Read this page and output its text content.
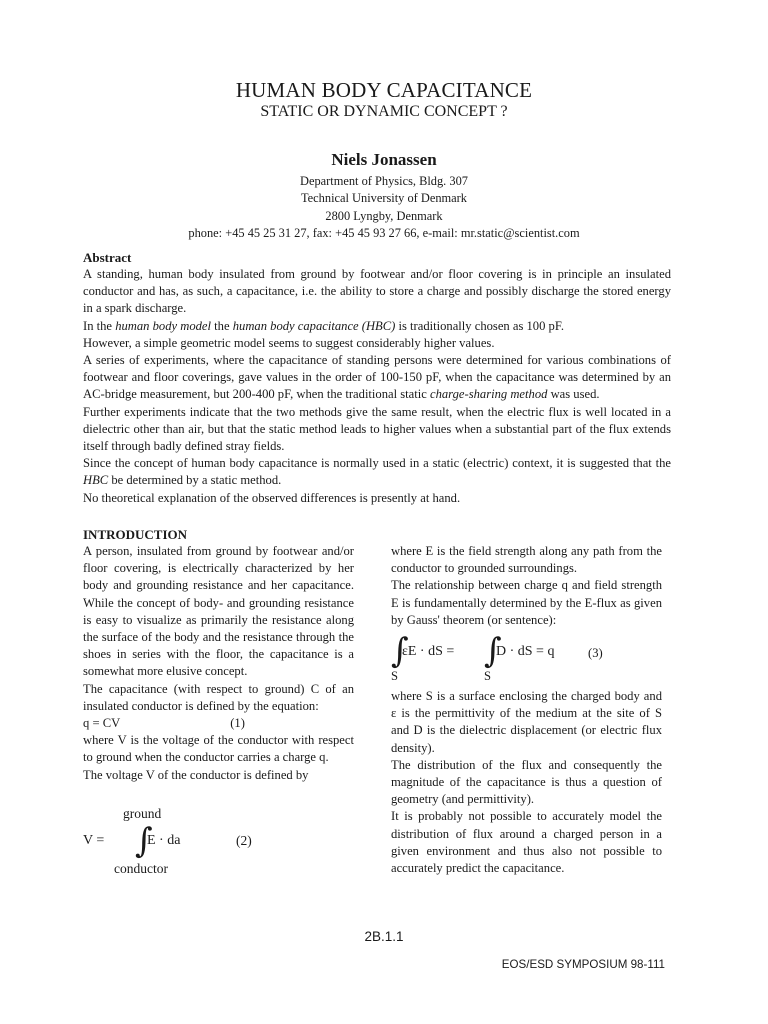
HUMAN BODY CAPACITANCE
STATIC OR DYNAMIC CONCEPT ?
Niels Jonassen
Department of Physics, Bldg. 307
Technical University of Denmark
2800 Lyngby, Denmark
phone: +45 45 25 31 27, fax: +45 45 93 27 66, e-mail: mr.static@scientist.com
Abstract

A standing, human body insulated from ground by footwear and/or floor covering is in principle an insulated conductor and has, as such, a capacitance, i.e. the ability to store a charge and possibly discharge the stored energy in a spark discharge.

In the human body model the human body capacitance (HBC) is traditionally chosen as 100 pF.

However, a simple geometric model seems to suggest considerably higher values.

A series of experiments, where the capacitance of standing persons were determined for various combinations of footwear and floor coverings, gave values in the order of 100-150 pF, when the capacitance was determined by an AC-bridge measurement, but 200-400 pF, when the traditional static charge-sharing method was used.

Further experiments indicate that the two methods give the same result, when the electric flux is well located in a dielectric other than air, but that the static method leads to higher values when a substantial part of the flux extends itself through badly defined stray fields.

Since the concept of human body capacitance is normally used in a static (electric) context, it is suggested that the HBC be determined by a static method.

No theoretical explanation of the observed differences is presently at hand.

INTRODUCTION

A person, insulated from ground by footwear and/or floor covering, is electrically characterized by her body and grounding resistance and her capacitance. While the concept of body- and grounding resistance is easy to visualize as primarily the resistance along the surface of the body and the resistance through the shoes in series with the floor, the capacitance is a somewhat more elusive concept.

The capacitance (with respect to ground) C of an insulated conductor is defined by the equation:

q = CV	(1)

where V is the voltage of the conductor with respect to ground when the conductor carries a charge q.

The voltage V of the conductor is defined by

ground
V = ∫
E · da	(2)
conductor

where E is the field strength along any path from the conductor to grounded surroundings.

The relationship between charge q and field strength E is fundamentally determined by the E-flux as given by Gauss' theorem (or sentence):

∫
εE · dS = ∫
D · dS = q	(3)
S	S

where S is a surface enclosing the charged body and ε is the permittivity of the medium at the site of S and D is the dielectric displacement (or electric flux density).

The distribution of the flux and consequently the magnitude of the capacitance is thus a question of geometry (and permittivity).

It is probably not possible to accurately model the distribution of flux around a charged person in a given environment and thus also not possible to accurately predict the capacitance.

2B.1.1
EOS/ESD SYMPOSIUM 98-111
